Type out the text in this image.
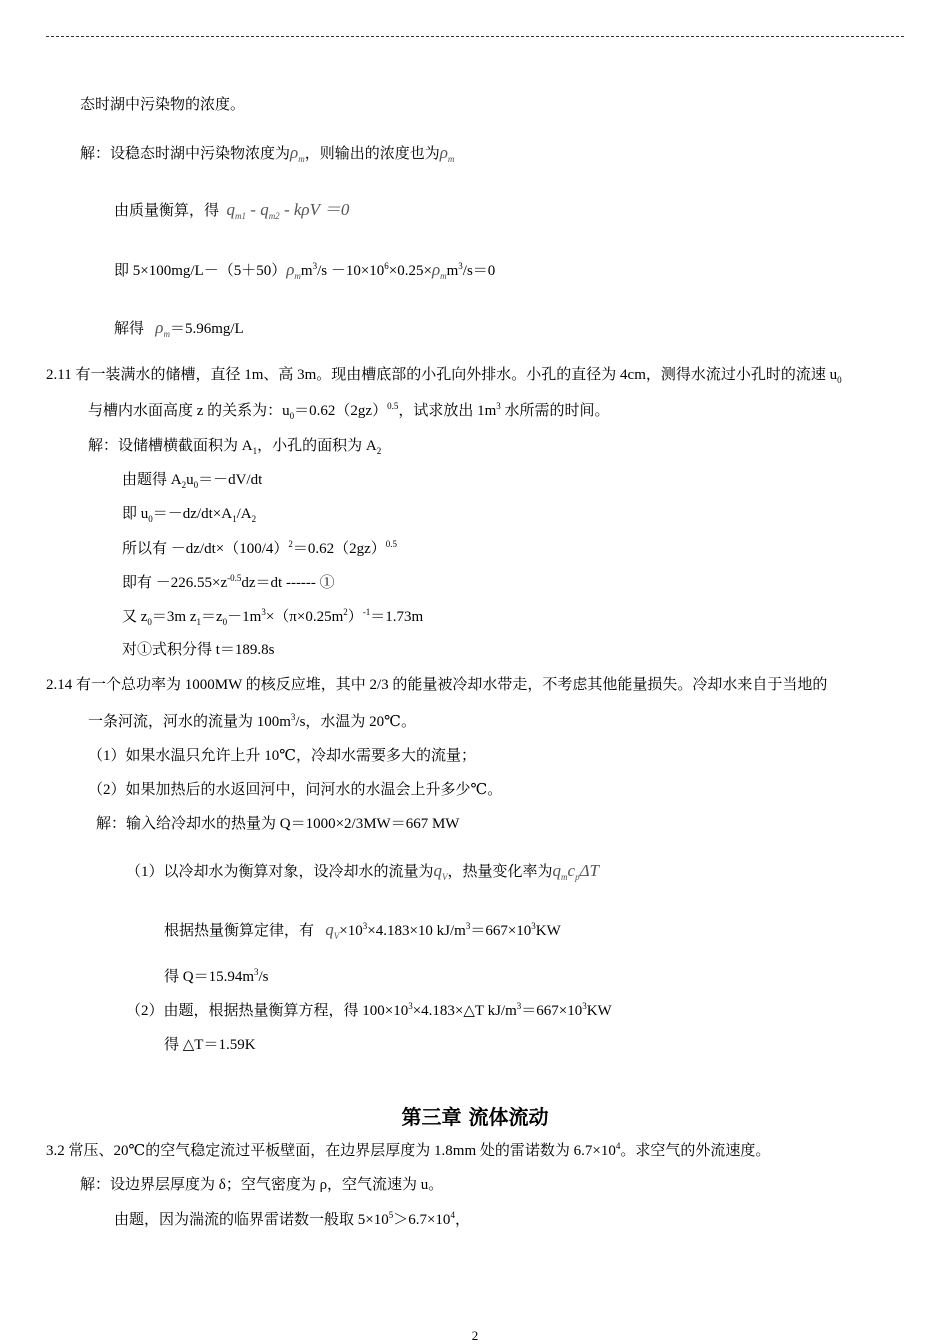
态时湖中污染物的浓度。
解：设稳态时湖中污染物浓度为$\rho_m$，则输出的浓度也为$\rho_m$
由质量衡算，得 $q_{m1} - q_{m2} - k\rho V =0$
即 $5\times 100mg/L-(5+50)\rho_mm^3/s -10\times 10^6\times 0.25\times\rho_mm^3/s=0$
解得 $\rho_m=5.96mg/L$
2.11 有一装满水的储槽，直径 1m、高 3m。现由槽底部的小孔向外排水。小孔的直径为 4cm，测得水流过小孔时的流速 $u_0$
与槽内水面高度 z 的关系为：$u_0=0.62(2gz)^{0.5}$，试求放出 $1m^3$ 水所需的时间。
解：设储槽横截面积为 $A_1$，小孔的面积为 $A_2$
由题得 $A_2u_0=-dV/dt$
即 $u_0=-dz/dt\times A_1/A_2$
所以有 $-dz/dt\times(100/4)^2=0.62(2gz)^{0.5}$
即有 $-226.55\times z^{-0.5}dz=dt$ ------ ①
又 $z_0=3m$ $z_1=z_0-1m^3\times(\pi\times 0.25m^2)^{-1}=1.73m$
对①式积分得 t＝189.8s
2.14 有一个总功率为 1000MW 的核反应堆，其中 2/3 的能量被冷却水带走，不考虑其他能量损失。冷却水来自于当地的
一条河流，河水的流量为 $100m^3/s$，水温为 20℃。
（1）如果水温只允许上升 10℃，冷却水需要多大的流量；
（2）如果加热后的水返回河中，问河水的水温会上升多少℃。
解：输入给冷却水的热量为 Q＝1000×2/3MW＝667 MW
（1）以冷却水为衡算对象，设冷却水的流量为$q_V$，热量变化率为$q_mc_p\Delta T$
根据热量衡算定律，有 $q_V\times 10^3\times 4.183\times 10$ $kJ/m^3=667\times 10^3KW$
得 $Q=15.94m^3/s$
（2）由题，根据热量衡算方程，得 $100\times 10^3\times 4.183\times\triangle T$ $kJ/m^3=667\times 10^3KW$
得 △T＝1.59K
第三章 流体流动
3.2 常压、20℃的空气稳定流过平板壁面，在边界层厚度为 1.8mm 处的雷诺数为 $6.7\times 10^4$。求空气的外流速度。
解：设边界层厚度为 δ；空气密度为 ρ，空气流速为 u。
由题，因为湍流的临界雷诺数一般取 $5\times 10^5>6.7\times 10^4$，
2
